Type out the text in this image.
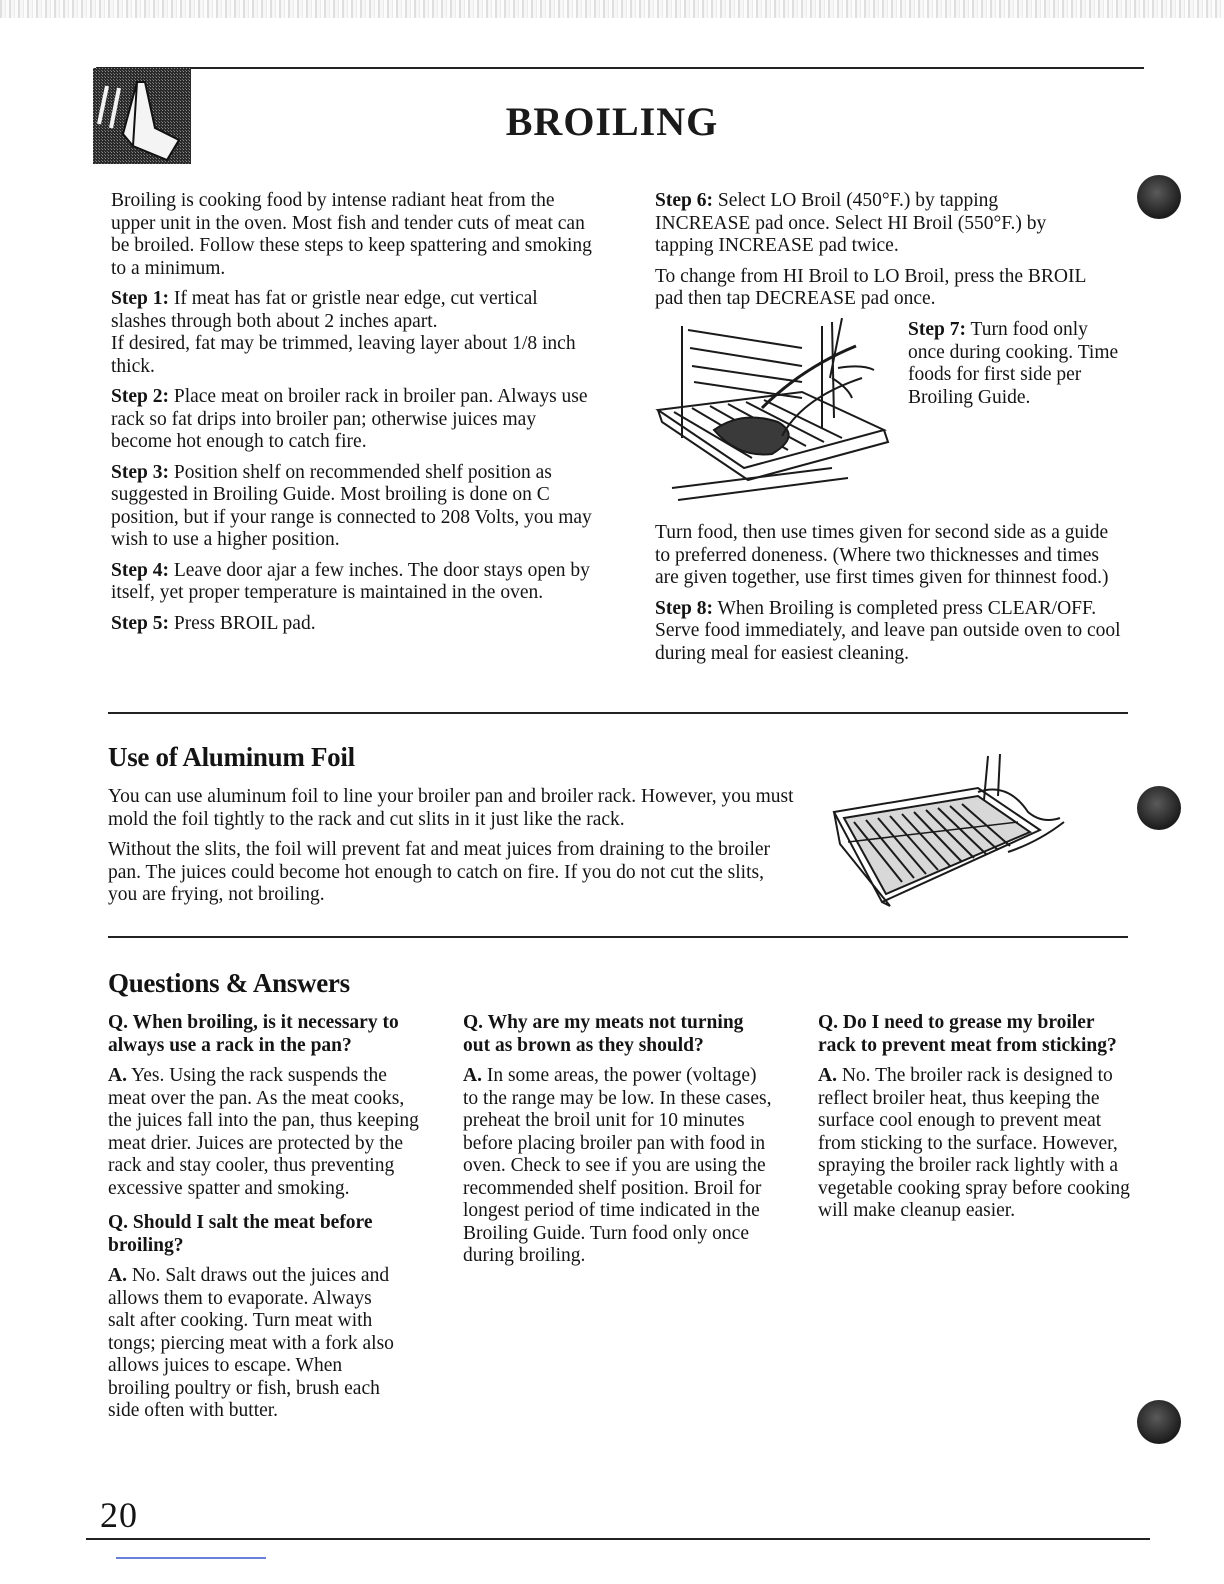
BROILING

Broiling is cooking food by intense radiant heat from the upper unit in the oven. Most fish and tender cuts of meat can be broiled. Follow these steps to keep spattering and smoking to a minimum.

Step 1: If meat has fat or gristle near edge, cut vertical slashes through both about 2 inches apart.

If desired, fat may be trimmed, leaving layer about 1/8 inch thick.

Step 2: Place meat on broiler rack in broiler pan. Always use rack so fat drips into broiler pan; otherwise juices may become hot enough to catch fire.

Step 3: Position shelf on recommended shelf position as suggested in Broiling Guide. Most broiling is done on C position, but if your range is connected to 208 Volts, you may wish to use a higher position.

Step 4: Leave door ajar a few inches. The door stays open by itself, yet proper temperature is maintained in the oven.

Step 5: Press BROIL pad.

Step 6: Select LO Broil (450°F.) by tapping INCREASE pad once. Select HI Broil (550°F.) by tapping INCREASE pad twice.

To change from HI Broil to LO Broil, press the BROIL pad then tap DECREASE pad once.

Step 7: Turn food only once during cooking. Time foods for first side per Broiling Guide.

Turn food, then use times given for second side as a guide to preferred doneness. (Where two thicknesses and times are given together, use first times given for thinnest food.)

Step 8: When Broiling is completed press CLEAR/OFF. Serve food immediately, and leave pan outside oven to cool during meal for easiest cleaning.

Use of Aluminum Foil

You can use aluminum foil to line your broiler pan and broiler rack. However, you must mold the foil tightly to the rack and cut slits in it just like the rack.

Without the slits, the foil will prevent fat and meat juices from draining to the broiler pan. The juices could become hot enough to catch on fire. If you do not cut the slits, you are frying, not broiling.

Questions & Answers

Q. When broiling, is it necessary to always use a rack in the pan?

A. Yes. Using the rack suspends the meat over the pan. As the meat cooks, the juices fall into the pan, thus keeping meat drier. Juices are protected by the rack and stay cooler, thus preventing excessive spatter and smoking.

Q. Should I salt the meat before broiling?

A. No. Salt draws out the juices and allows them to evaporate. Always salt after cooking. Turn meat with tongs; piercing meat with a fork also allows juices to escape. When broiling poultry or fish, brush each side often with butter.

Q. Why are my meats not turning out as brown as they should?

A. In some areas, the power (voltage) to the range may be low. In these cases, preheat the broil unit for 10 minutes before placing broiler pan with food in oven. Check to see if you are using the recommended shelf position. Broil for longest period of time indicated in the Broiling Guide. Turn food only once during broiling.

Q. Do I need to grease my broiler rack to prevent meat from sticking?

A. No. The broiler rack is designed to reflect broiler heat, thus keeping the surface cool enough to prevent meat from sticking to the surface. However, spraying the broiler rack lightly with a vegetable cooking spray before cooking will make cleanup easier.

20
